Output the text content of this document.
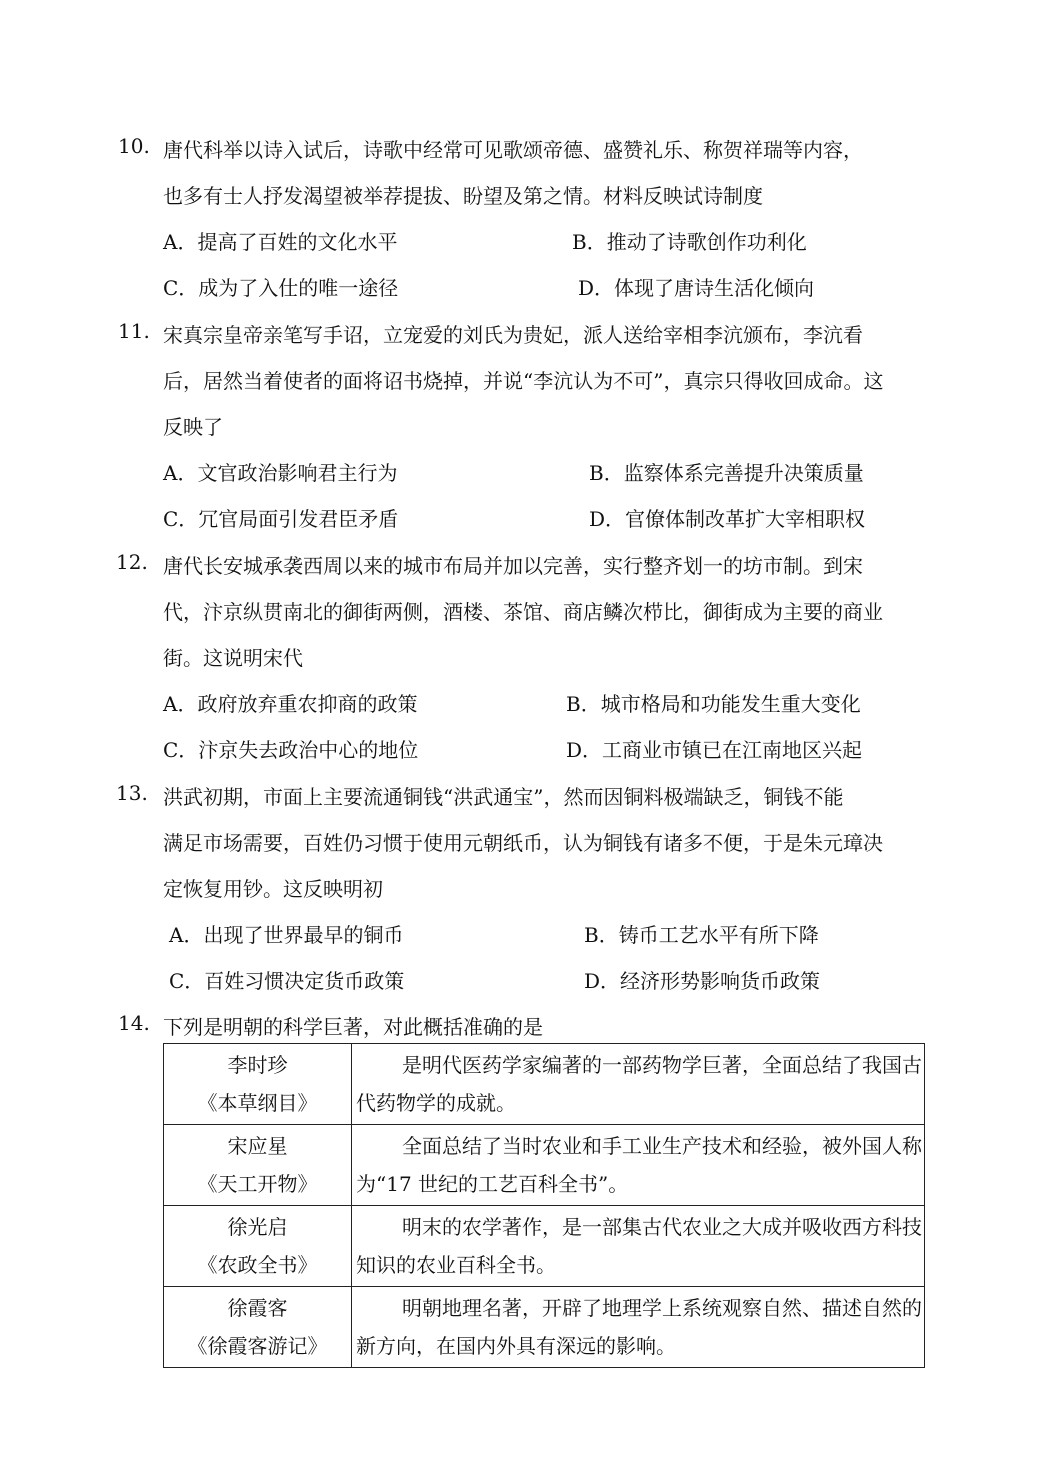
10. 唐代科举以诗入试后，诗歌中经常可见歌颂帝德、盛赞礼乐、称贺祥瑞等内容，
也多有士人抒发渴望被举荐提拔、盼望及第之情。材料反映试诗制度
A．提高了百姓的文化水平	B．推动了诗歌创作功利化
C．成为了入仕的唯一途径	D．体现了唐诗生活化倾向
11. 宋真宗皇帝亲笔写手诏，立宠爱的刘氏为贵妃，派人送给宰相李沆颁布，李沆看
后，居然当着使者的面将诏书烧掉，并说“李沆认为不可”，真宗只得收回成命。这
反映了
A．文官政治影响君主行为	B．监察体系完善提升决策质量
C．冗官局面引发君臣矛盾	D．官僚体制改革扩大宰相职权
12. 唐代长安城承袭西周以来的城市布局并加以完善，实行整齐划一的坊市制。到宋
代，汴京纵贯南北的御街两侧，酒楼、茶馆、商店鳞次栉比，御街成为主要的商业
街。这说明宋代
A．政府放弃重农抑商的政策	B．城市格局和功能发生重大变化
C．汴京失去政治中心的地位	D．工商业市镇已在江南地区兴起
13. 洪武初期，市面上主要流通铜钱“洪武通宝”，然而因铜料极端缺乏，铜钱不能
满足市场需要，百姓仍习惯于使用元朝纸币，认为铜钱有诸多不便，于是朱元璋决
定恢复用钞。这反映明初
A．出现了世界最早的铜币	B．铸币工艺水平有所下降
C．百姓习惯决定货币政策	D．经济形势影响货币政策
14. 下列是明朝的科学巨著，对此概括准确的是
李时珍
《本草纲目》	是明代医药学家编著的一部药物学巨著，全面总结了我国古代药物学的成就。

宋应星
《天工开物》	全面总结了当时农业和手工业生产技术和经验，被外国人称为“17 世纪的工艺百科全书”。

徐光启
《农政全书》	明末的农学著作，是一部集古代农业之大成并吸收西方科技知识的农业百科全书。

徐霞客
《徐霞客游记》	明朝地理名著，开辟了地理学上系统观察自然、描述自然的新方向，在国内外具有深远的影响。
